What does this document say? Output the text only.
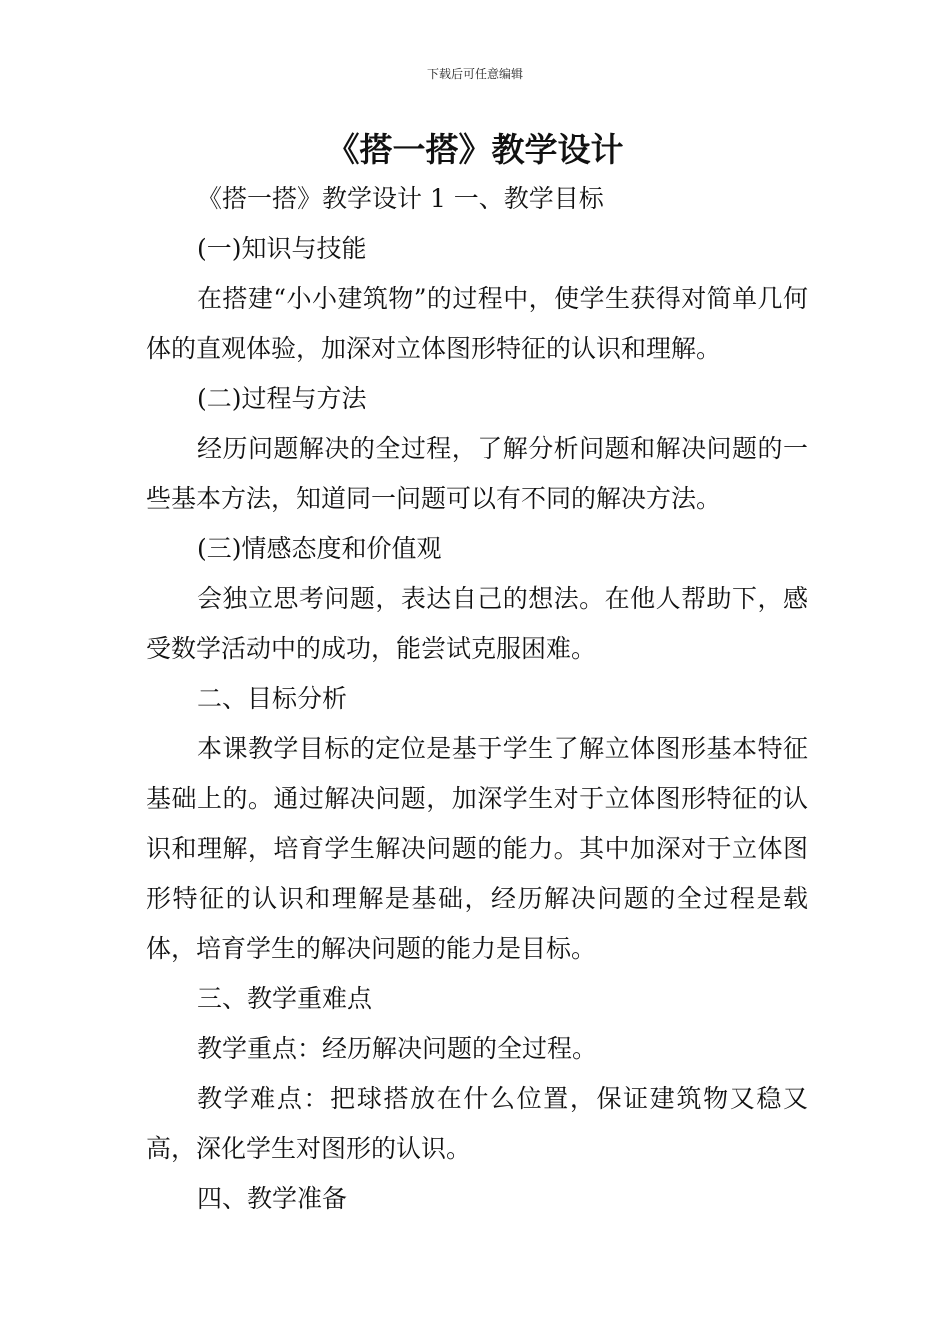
下载后可任意编辑
《搭一搭》教学设计

《搭一搭》教学设计 1 一、教学目标

(一)知识与技能

在搭建“小小建筑物”的过程中，使学生获得对简单几何体的直观体验，加深对立体图形特征的认识和理解。

(二)过程与方法

经历问题解决的全过程，了解分析问题和解决问题的一些基本方法，知道同一问题可以有不同的解决方法。

(三)情感态度和价值观

会独立思考问题，表达自己的想法。在他人帮助下，感受数学活动中的成功，能尝试克服困难。

二、目标分析

本课教学目标的定位是基于学生了解立体图形基本特征基础上的。通过解决问题，加深学生对于立体图形特征的认识和理解，培育学生解决问题的能力。其中加深对于立体图形特征的认识和理解是基础，经历解决问题的全过程是载体，培育学生的解决问题的能力是目标。

三、教学重难点

教学重点：经历解决问题的全过程。

教学难点：把球搭放在什么位置，保证建筑物又稳又高，深化学生对图形的认识。

四、教学准备
